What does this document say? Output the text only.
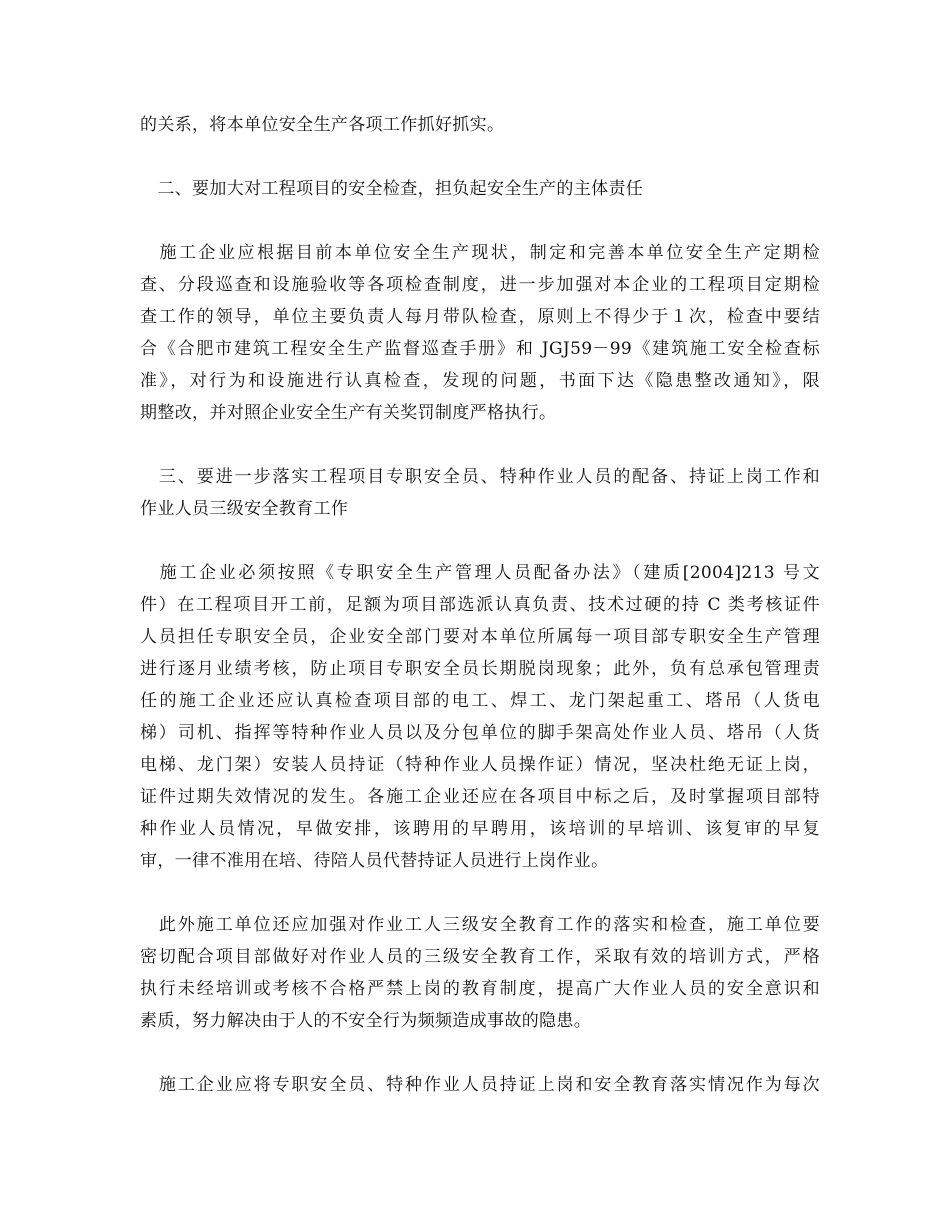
的关系，将本单位安全生产各项工作抓好抓实。
　二、要加大对工程项目的安全检查，担负起安全生产的主体责任
　施工企业应根据目前本单位安全生产现状，制定和完善本单位安全生产定期检
查、分段巡查和设施验收等各项检查制度，进一步加强对本企业的工程项目定期检
查工作的领导，单位主要负责人每月带队检查，原则上不得少于１次，检查中要结
合《合肥市建筑工程安全生产监督巡查手册》和 JGJ59－99《建筑施工安全检查标
准》，对行为和设施进行认真检查，发现的问题，书面下达《隐患整改通知》，限
期整改，并对照企业安全生产有关奖罚制度严格执行。
　三、要进一步落实工程项目专职安全员、特种作业人员的配备、持证上岗工作和
作业人员三级安全教育工作
　施工企业必须按照《专职安全生产管理人员配备办法》（建质[2004]213 号文
件）在工程项目开工前，足额为项目部选派认真负责、技术过硬的持 C 类考核证件
人员担任专职安全员，企业安全部门要对本单位所属每一项目部专职安全生产管理
进行逐月业绩考核，防止项目专职安全员长期脱岗现象；此外，负有总承包管理责
任的施工企业还应认真检查项目部的电工、焊工、龙门架起重工、塔吊（人货电
梯）司机、指挥等特种作业人员以及分包单位的脚手架高处作业人员、塔吊（人货
电梯、龙门架）安装人员持证（特种作业人员操作证）情况，坚决杜绝无证上岗，
证件过期失效情况的发生。各施工企业还应在各项目中标之后，及时掌握项目部特
种作业人员情况，早做安排，该聘用的早聘用，该培训的早培训、该复审的早复
审，一律不准用在培、待陪人员代替持证人员进行上岗作业。
　此外施工单位还应加强对作业工人三级安全教育工作的落实和检查，施工单位要
密切配合项目部做好对作业人员的三级安全教育工作，采取有效的培训方式，严格
执行未经培训或考核不合格严禁上岗的教育制度，提高广大作业人员的安全意识和
素质，努力解决由于人的不安全行为频频造成事故的隐患。
　施工企业应将专职安全员、特种作业人员持证上岗和安全教育落实情况作为每次
